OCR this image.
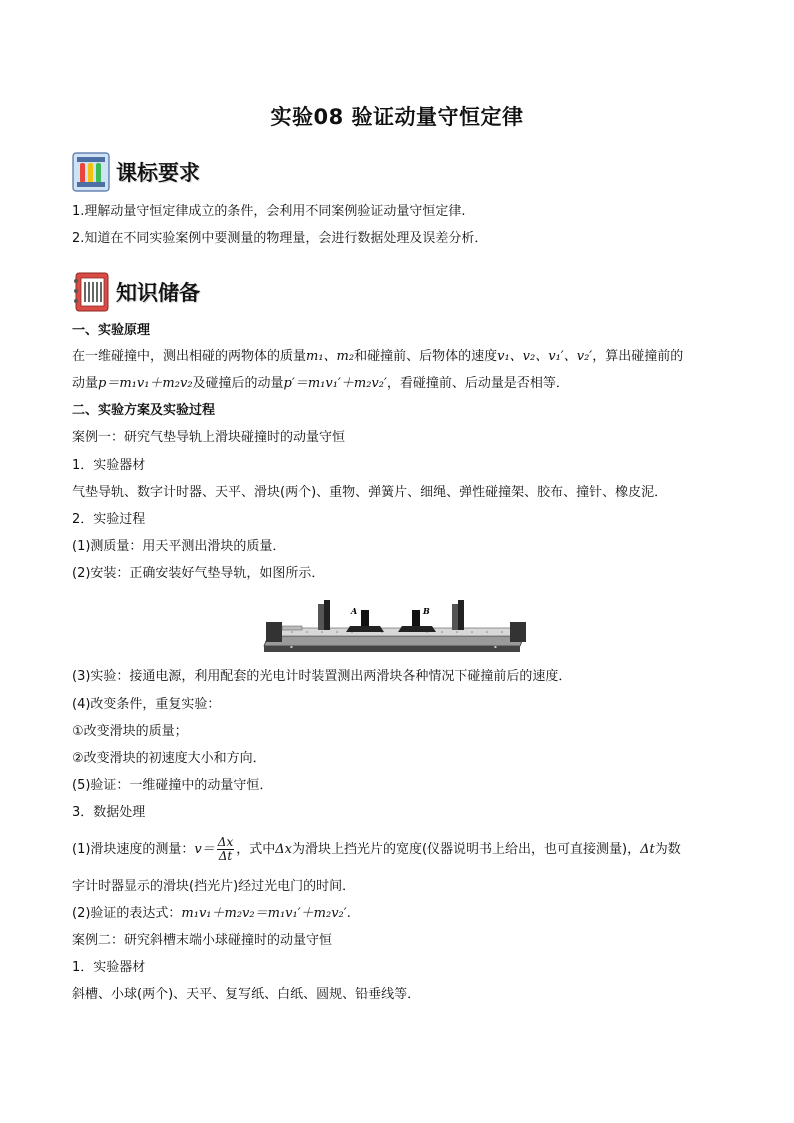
实验08 验证动量守恒定律
课标要求
1.理解动量守恒定律成立的条件，会利用不同案例验证动量守恒定律.
2.知道在不同实验案例中要测量的物理量，会进行数据处理及误差分析．
知识储备
一、实验原理
在一维碰撞中，测出相碰的两物体的质量m₁、m₂和碰撞前、后物体的速度v₁、v₂、v₁′、v₂′，算出碰撞前的
动量p＝m₁v₁＋m₂v₂及碰撞后的动量p′＝m₁v₁′＋m₂v₂′，看碰撞前、后动量是否相等．
二、实验方案及实验过程
案例一：研究气垫导轨上滑块碰撞时的动量守恒
1．实验器材
气垫导轨、数字计时器、天平、滑块(两个)、重物、弹簧片、细绳、弹性碰撞架、胶布、撞针、橡皮泥．
2．实验过程
(1)测质量：用天平测出滑块的质量．
(2)安装：正确安装好气垫导轨，如图所示．
▪	▪
A	B
(3)实验：接通电源，利用配套的光电计时装置测出两滑块各种情况下碰撞前后的速度．
(4)改变条件，重复实验：
①改变滑块的质量；
②改变滑块的初速度大小和方向．
(5)验证：一维碰撞中的动量守恒．
3．数据处理
(1)滑块速度的测量：$v= \frac{\Delta x}{\Delta t}$ ，式中Δx为滑块上挡光片的宽度(仪器说明书上给出，也可直接测量)，Δt为数
字计时器显示的滑块(挡光片)经过光电门的时间．
(2)验证的表达式：m₁v₁＋m₂v₂＝m₁v₁′＋m₂v₂′.
案例二：研究斜槽末端小球碰撞时的动量守恒
1．实验器材
斜槽、小球(两个)、天平、复写纸、白纸、圆规、铅垂线等．
